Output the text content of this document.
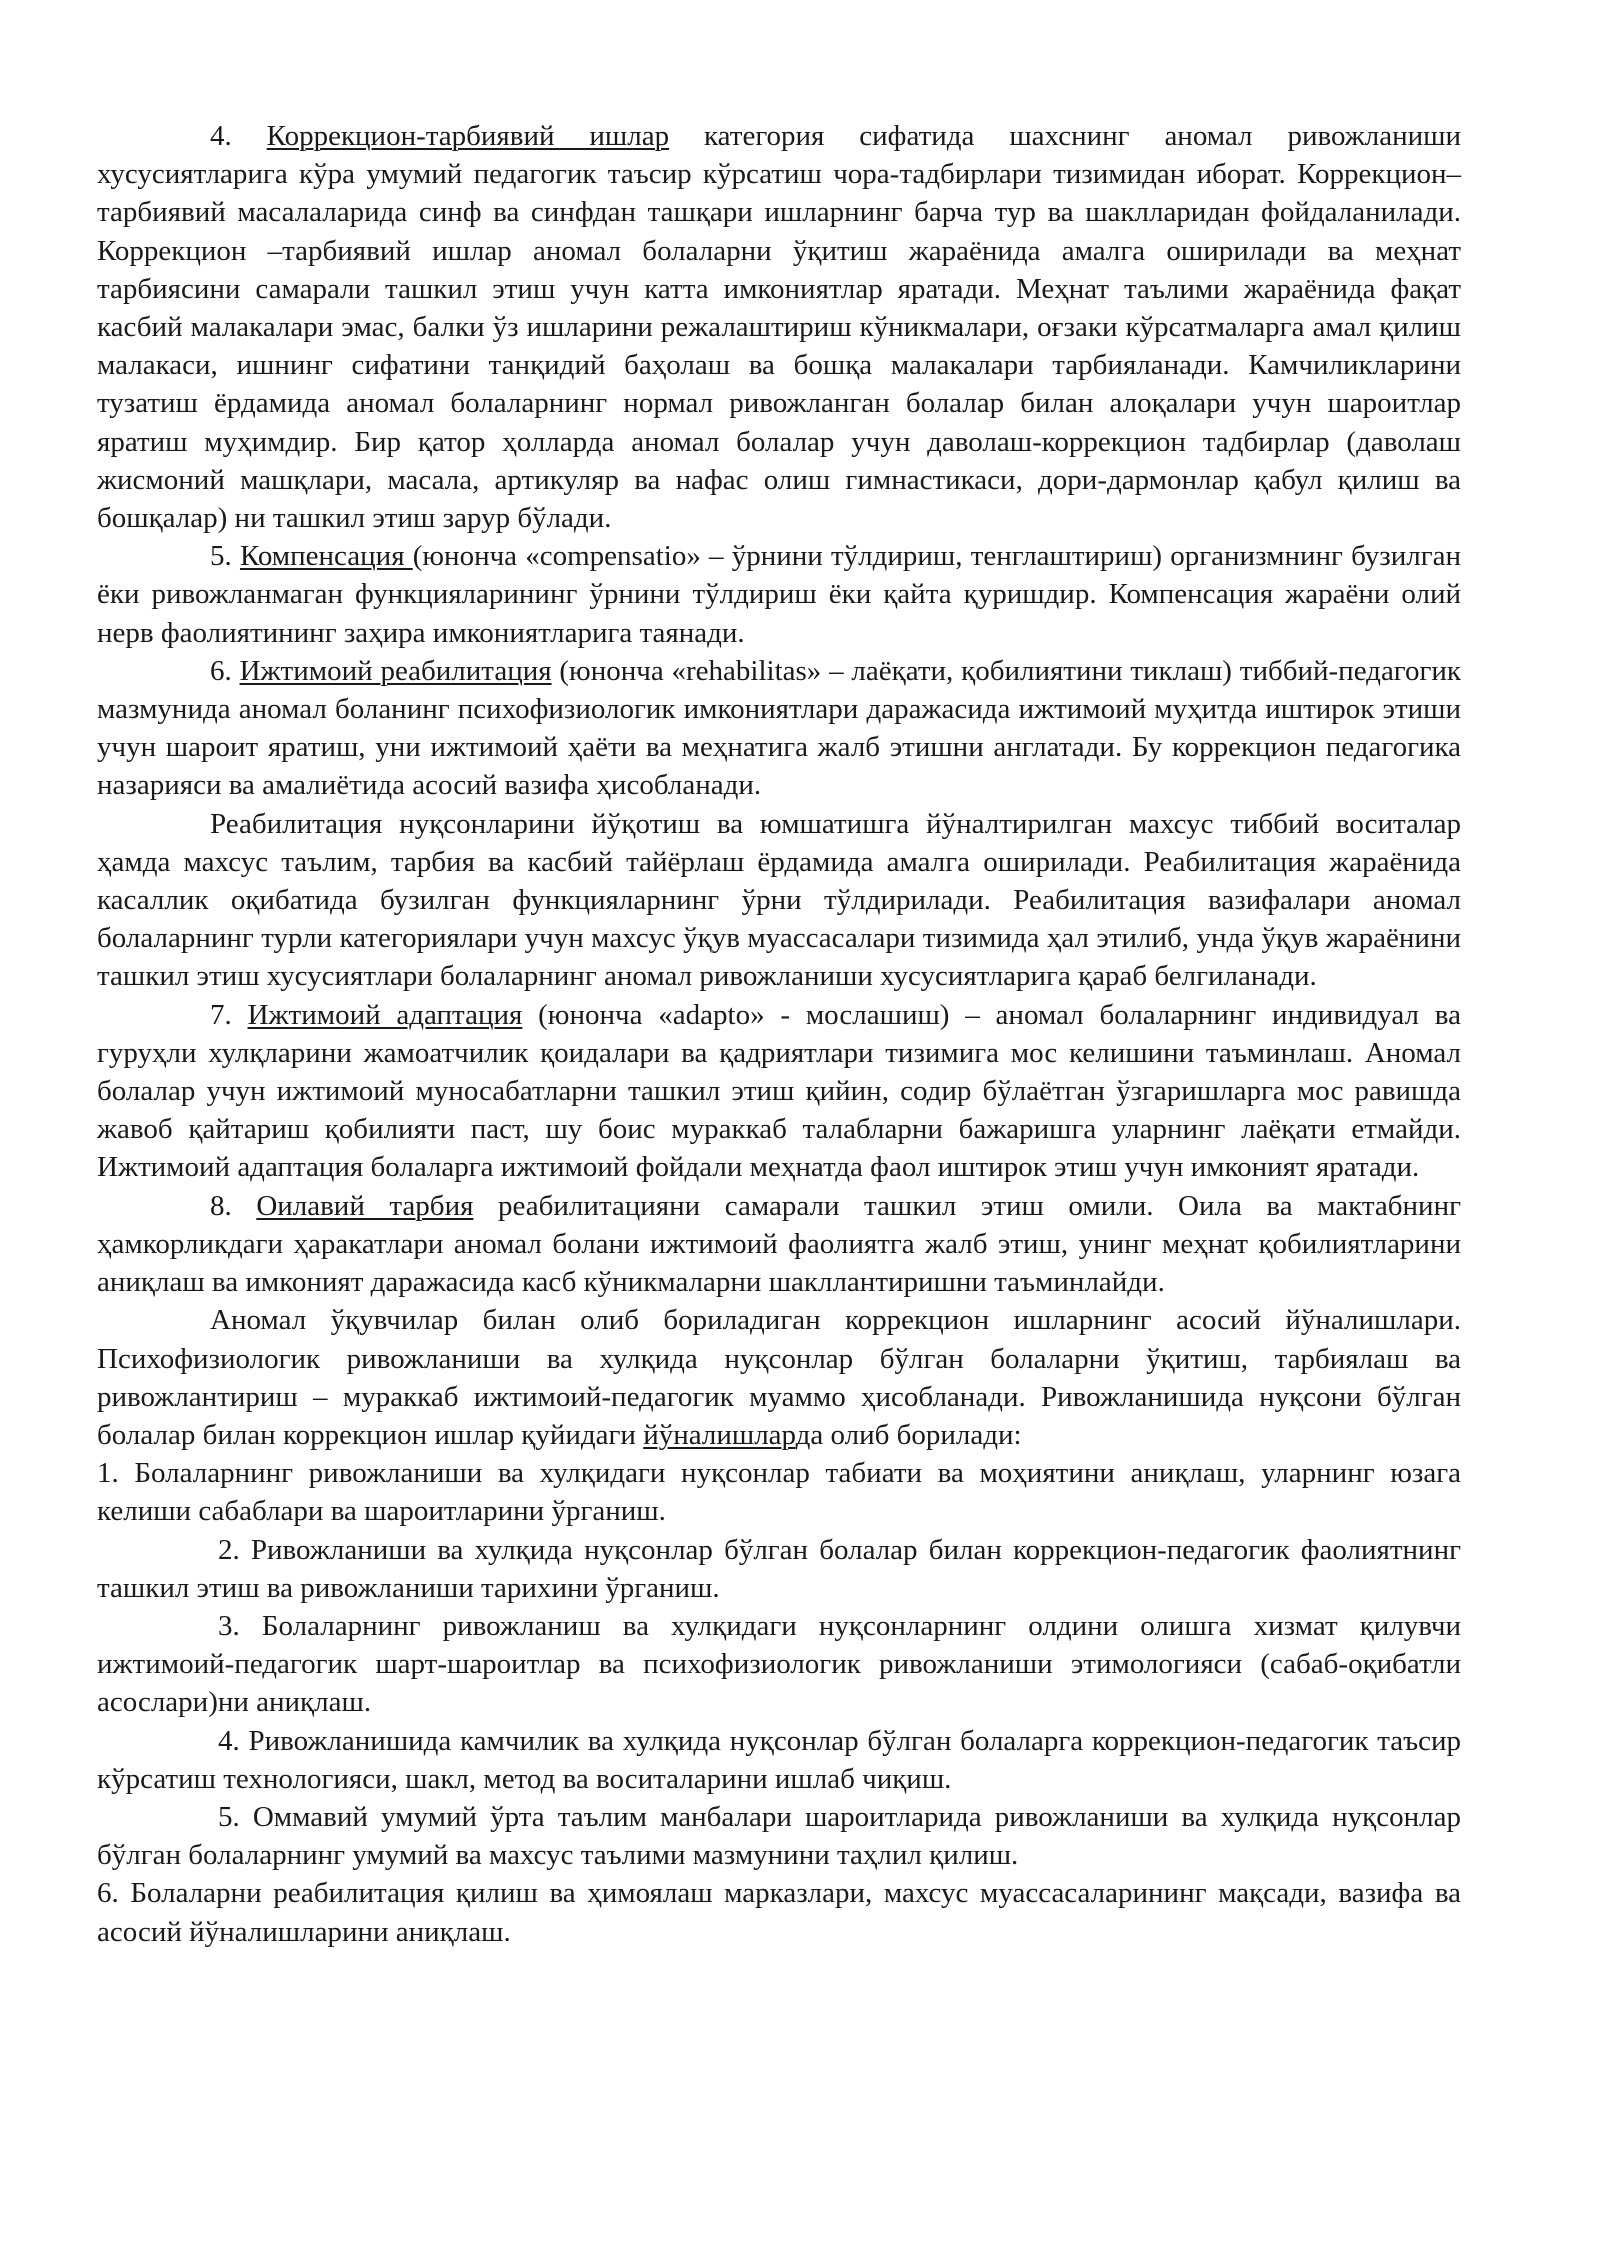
4. Коррекцион-тарбиявий ишлар категория сифатида шахснинг аномал ривожланиши хусусиятларига кўра умумий педагогик таъсир кўрсатиш чора-тадбирлари тизимидан иборат. Коррекцион–тарбиявий масалаларида синф ва синфдан ташқари ишларнинг барча тур ва шаклларидан фойдаланилади. Коррекцион –тарбиявий ишлар аномал болаларни ўқитиш жараёнида амалга оширилади ва меҳнат тарбиясини самарали ташкил этиш учун катта имкониятлар яратади. Меҳнат таълими жараёнида фақат касбий малакалари эмас, балки ўз ишларини режалаштириш кўникмалари, оғзаки кўрсатмаларга амал қилиш малакаси, ишнинг сифатини танқидий баҳолаш ва бошқа малакалари тарбияланади. Камчиликларини тузатиш ёрдамида аномал болаларнинг нормал ривожланган болалар билан алоқалари учун шароитлар яратиш муҳимдир. Бир қатор ҳолларда аномал болалар учун даволаш-коррекцион тадбирлар (даволаш жисмоний машқлари, масала, артикуляр ва нафас олиш гимнастикаси, дори-дармонлар қабул қилиш ва бошқалар) ни ташкил этиш зарур бўлади.

5. Компенсация (юнонча «compensatio» – ўрнини тўлдириш, тенглаштириш) организмнинг бузилган ёки ривожланмаган функцияларининг ўрнини тўлдириш ёки қайта қуришдир. Компенсация жараёни олий нерв фаолиятининг заҳира имкониятларига таянади.

6. Ижтимоий реабилитация (юнонча «rehabilitas» – лаёқати, қобилиятини тиклаш) тиббий-педагогик мазмунида аномал боланинг психофизиологик имкониятлари даражасида ижтимоий муҳитда иштирок этиши учун шароит яратиш, уни ижтимоий ҳаёти ва меҳнатига жалб этишни англатади. Бу коррекцион педагогика назарияси ва амалиётида асосий вазифа ҳисобланади.

Реабилитация нуқсонларини йўқотиш ва юмшатишга йўналтирилган махсус тиббий воситалар ҳамда махсус таълим, тарбия ва касбий тайёрлаш ёрдамида амалга оширилади. Реабилитация жараёнида касаллик оқибатида бузилган функцияларнинг ўрни тўлдирилади. Реабилитация вазифалари аномал болаларнинг турли категориялари учун махсус ўқув муассасалари тизимида ҳал этилиб, унда ўқув жараёнини ташкил этиш хусусиятлари болаларнинг аномал ривожланиши хусусиятларига қараб белгиланади.

7. Ижтимоий адаптация (юнонча «adapto» - мослашиш) – аномал болаларнинг индивидуал ва гуруҳли хулқларини жамоатчилик қоидалари ва қадриятлари тизимига мос келишини таъминлаш. Аномал болалар учун ижтимоий муносабатларни ташкил этиш қийин, содир бўлаётган ўзгаришларга мос равишда жавоб қайтариш қобилияти паст, шу боис мураккаб талабларни бажаришга уларнинг лаёқати етмайди. Ижтимоий адаптация болаларга ижтимоий фойдали меҳнатда фаол иштирок этиш учун имконият яратади.

8. Оилавий тарбия реабилитацияни самарали ташкил этиш омили. Оила ва мактабнинг ҳамкорликдаги ҳаракатлари аномал болани ижтимоий фаолиятга жалб этиш, унинг меҳнат қобилиятларини аниқлаш ва имконият даражасида касб кўникмаларни шакллантиришни таъминлайди.

Аномал ўқувчилар билан олиб бориладиган коррекцион ишларнинг асосий йўналишлари. Психофизиологик ривожланиши ва хулқида нуқсонлар бўлган болаларни ўқитиш, тарбиялаш ва ривожлантириш – мураккаб ижтимоий-педагогик муаммо ҳисобланади. Ривожланишида нуқсони бўлган болалар билан коррекцион ишлар қуйидаги йўналишларда олиб борилади:

1. Болаларнинг ривожланиши ва хулқидаги нуқсонлар табиати ва моҳиятини аниқлаш, уларнинг юзага келиши сабаблари ва шароитларини ўрганиш.

2. Ривожланиши ва хулқида нуқсонлар бўлган болалар билан коррекцион-педагогик фаолиятнинг ташкил этиш ва ривожланиши тарихини ўрганиш.

3. Болаларнинг ривожланиш ва хулқидаги нуқсонларнинг олдини олишга хизмат қилувчи ижтимоий-педагогик шарт-шароитлар ва психофизиологик ривожланиши этимологияси (сабаб-оқибатли асослари)ни аниқлаш.

4. Ривожланишида камчилик ва хулқида нуқсонлар бўлган болаларга коррекцион-педагогик таъсир кўрсатиш технологияси, шакл, метод ва воситаларини ишлаб чиқиш.

5. Оммавий умумий ўрта таълим манбалари шароитларида ривожланиши ва хулқида нуқсонлар бўлган болаларнинг умумий ва махсус таълими мазмунини таҳлил қилиш.

6. Болаларни реабилитация қилиш ва ҳимоялаш марказлари, махсус муассасаларининг мақсади, вазифа ва асосий йўналишларини аниқлаш.
